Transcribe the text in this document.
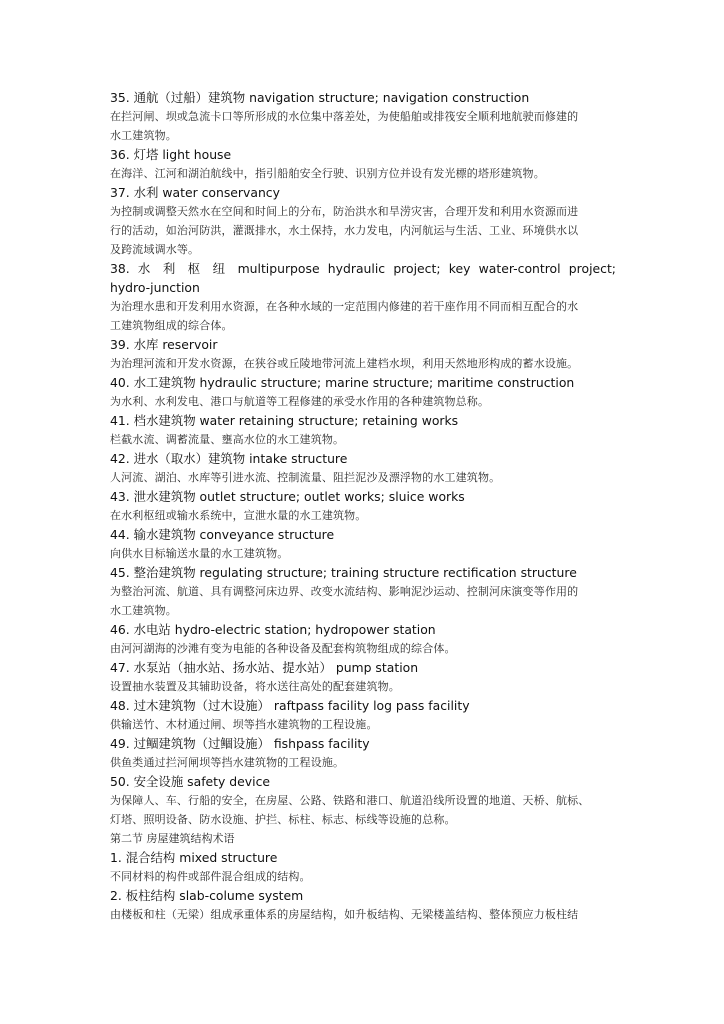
35. 通航（过船）建筑物 navigation structure; navigation construction
在拦河闸、坝或急流卡口等所形成的水位集中落差处，为使船舶或排筏安全顺利地航驶而修建的
水工建筑物。
36. 灯塔 light house
在海洋、江河和湖泊航线中，指引船舶安全行驶、识别方位并设有发光標的塔形建筑物。
37. 水利 water conservancy
为控制或调整天然水在空间和时间上的分布，防治洪水和旱涝灾害，合理开发和利用水资源而进
行的活动，如治河防洪，灌溉排水，水土保持，水力发电，内河航运与生活、工业、环境供水以
及跨流域调水等。
38. 水 利 枢 纽 multipurpose hydraulic project; key water-control project;
hydro-junction
为治理水患和开发利用水资源，在各种水域的一定范围内修建的若干座作用不同而相互配合的水
工建筑物组成的综合体。
39. 水库 reservoir
为治理河流和开发水资源，在狭谷或丘陵地带河流上建档水坝，利用天然地形构成的蓄水设施。
40. 水工建筑物 hydraulic structure; marine structure; maritime construction
为水利、水利发电、港口与航道等工程修建的承受水作用的各种建筑物总称。
41. 档水建筑物 water retaining structure; retaining works
栏截水流、调蓄流量、壅高水位的水工建筑物。
42. 进水（取水）建筑物 intake structure
人河流、湖泊、水库等引进水流、控制流量、阻拦泥沙及漂浮物的水工建筑物。
43. 泄水建筑物 outlet structure; outlet works; sluice works
在水利枢纽或输水系统中，宣泄水量的水工建筑物。
44. 输水建筑物 conveyance structure
向供水目标输送水量的水工建筑物。
45. 整治建筑物 regulating structure; training structure rectification structure
为整治河流、航道、具有调整河床边界、改变水流结构、影响泥沙运动、控制河床演变等作用的
水工建筑物。
46. 水电站 hydro-electric station; hydropower station
由河河湖海的沙滩有变为电能的各种设备及配套构筑物组成的综合体。
47. 水泵站（抽水站、扬水站、提水站） pump station
设置抽水装置及其辅助设备，将水送往高处的配套建筑物。
48. 过木建筑物（过木设施） raftpass facility log pass facility
供输送竹、木材通过闸、坝等挡水建筑物的工程设施。
49. 过鲴建筑物（过鲴设施） fishpass facility
供鱼类通过拦河闸坝等挡水建筑物的工程设施。
50. 安全设施 safety device
为保障人、车、行船的安全，在房屋、公路、铁路和港口、航道沿线所设置的地道、天桥、航标、
灯塔、照明设备、防水设施、护拦、标柱、标志、标线等设施的总称。
第二节 房屋建筑结构术语
1. 混合结构 mixed structure
不同材料的构件或部件混合组成的结构。
2. 板柱结构 slab-colume system
由楼板和柱（无梁）组成承重体系的房屋结构，如升板结构、无梁楼盖结构、整体预应力板柱结
